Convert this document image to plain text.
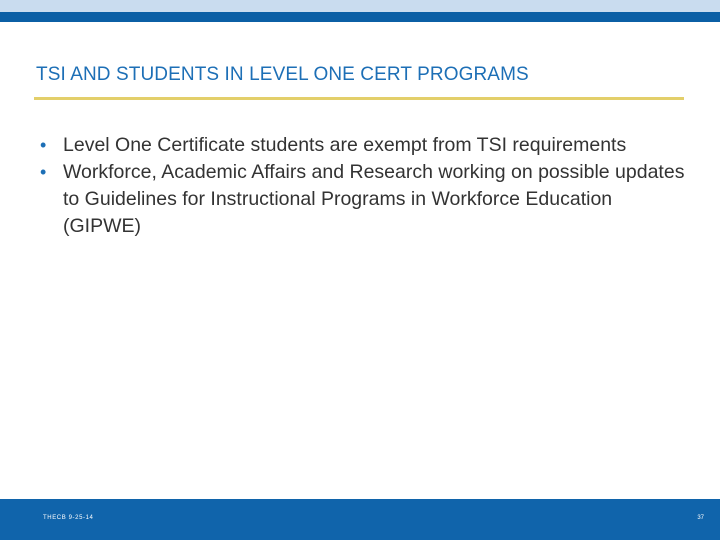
TSI AND STUDENTS IN LEVEL ONE CERT PROGRAMS
• Level One Certificate students are exempt from TSI requirements
• Workforce, Academic Affairs and Research working on possible updates to Guidelines for Instructional Programs in Workforce Education (GIPWE)
THECB 9-25-14	37
